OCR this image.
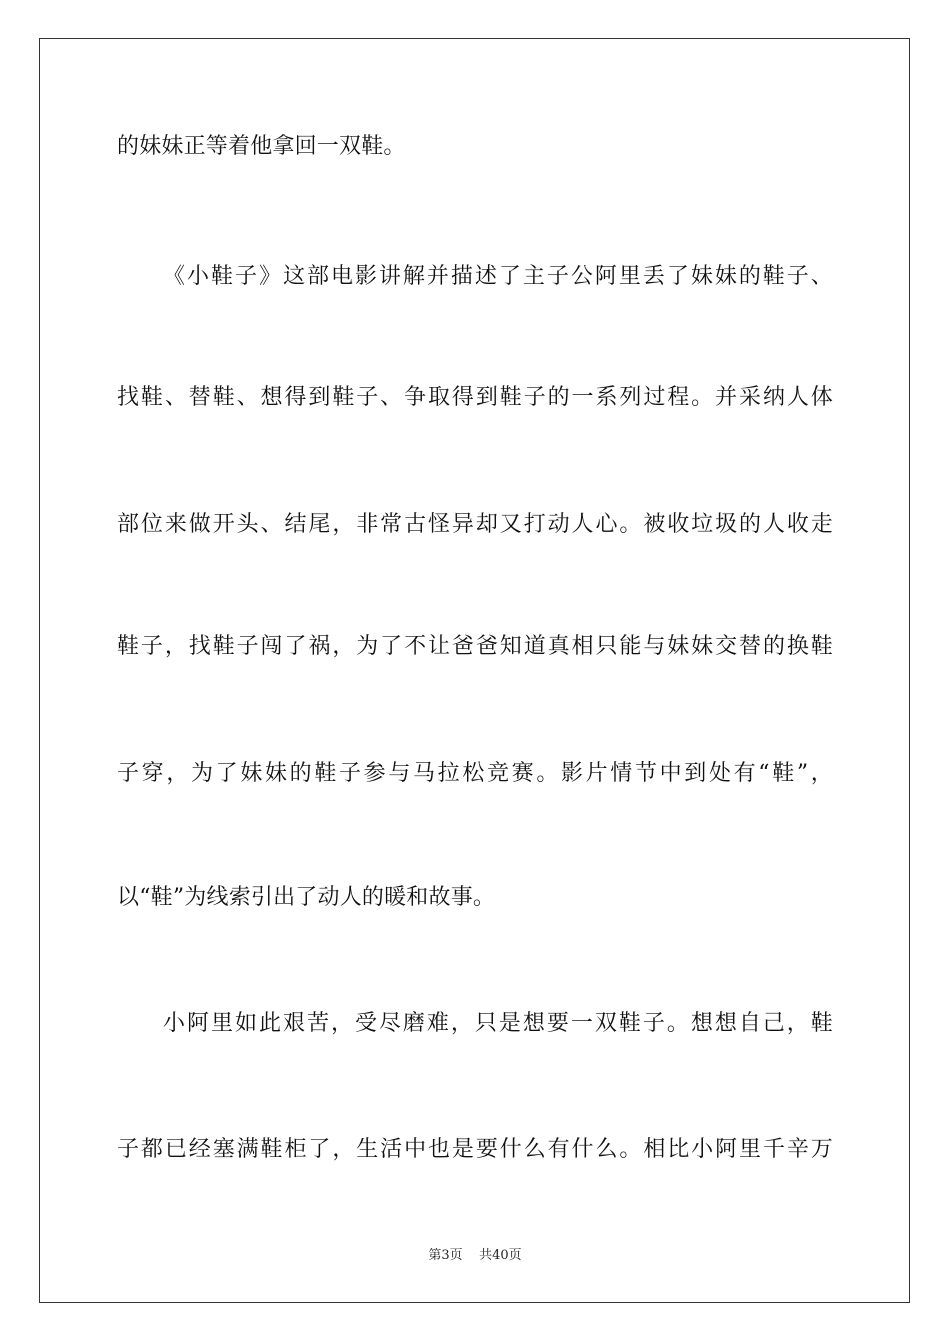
的妹妹正等着他拿回一双鞋。
《小鞋子》这部电影讲解并描述了主子公阿里丢了妹妹的鞋子、
找鞋、替鞋、想得到鞋子、争取得到鞋子的一系列过程。并采纳人体
部位来做开头、结尾，非常古怪异却又打动人心。被收垃圾的人收走
鞋子，找鞋子闯了祸，为了不让爸爸知道真相只能与妹妹交替的换鞋
子穿，为了妹妹的鞋子参与马拉松竞赛。影片情节中到处有“鞋”，
以“鞋”为线索引出了动人的暖和故事。
小阿里如此艰苦，受尽磨难，只是想要一双鞋子。想想自己，鞋
子都已经塞满鞋柜了，生活中也是要什么有什么。相比小阿里千辛万
第3页 共40页
